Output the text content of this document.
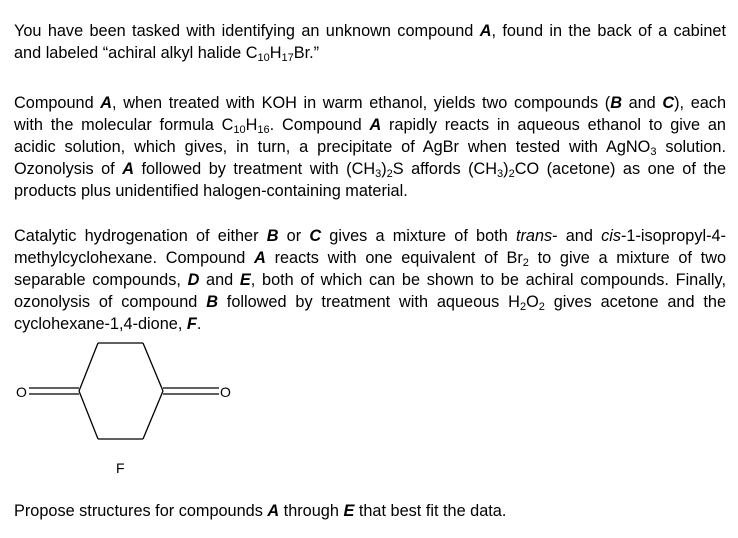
You have been tasked with identifying an unknown compound A, found in the back of a cabinet and labeled “achiral alkyl halide $C_{10}H_{17}Br$.”

Compound A, when treated with KOH in warm ethanol, yields two compounds (B and C), each with the molecular formula $C_{10}H_{16}$. Compound A rapidly reacts in aqueous ethanol to give an acidic solution, which gives, in turn, a precipitate of AgBr when tested with AgNO$_3$ solution. Ozonolysis of A followed by treatment with $(CH_3)_2S$ affords $(CH_3)_2CO$ (acetone) as one of the products plus unidentified halogen-containing material.

Catalytic hydrogenation of either B or C gives a mixture of both trans- and cis-1-isopropyl-4-methylcyclohexane. Compound A reacts with one equivalent of $Br_2$ to give a mixture of two separable compounds, D and E, both of which can be shown to be achiral compounds. Finally, ozonolysis of compound B followed by treatment with aqueous $H_2O_2$ gives acetone and the cyclohexane-1,4-dione, F.

O	O
F

Propose structures for compounds A through E that best fit the data.
